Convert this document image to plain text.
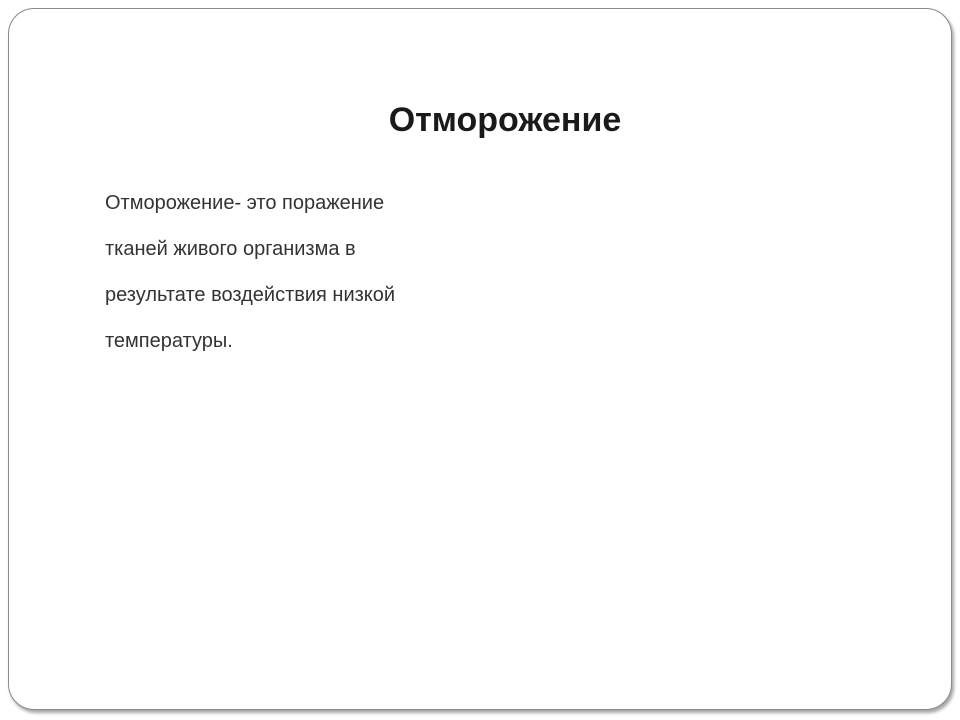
Отморожение
Отморожение- это поражение
тканей живого организма в
результате воздействия низкой
температуры.
